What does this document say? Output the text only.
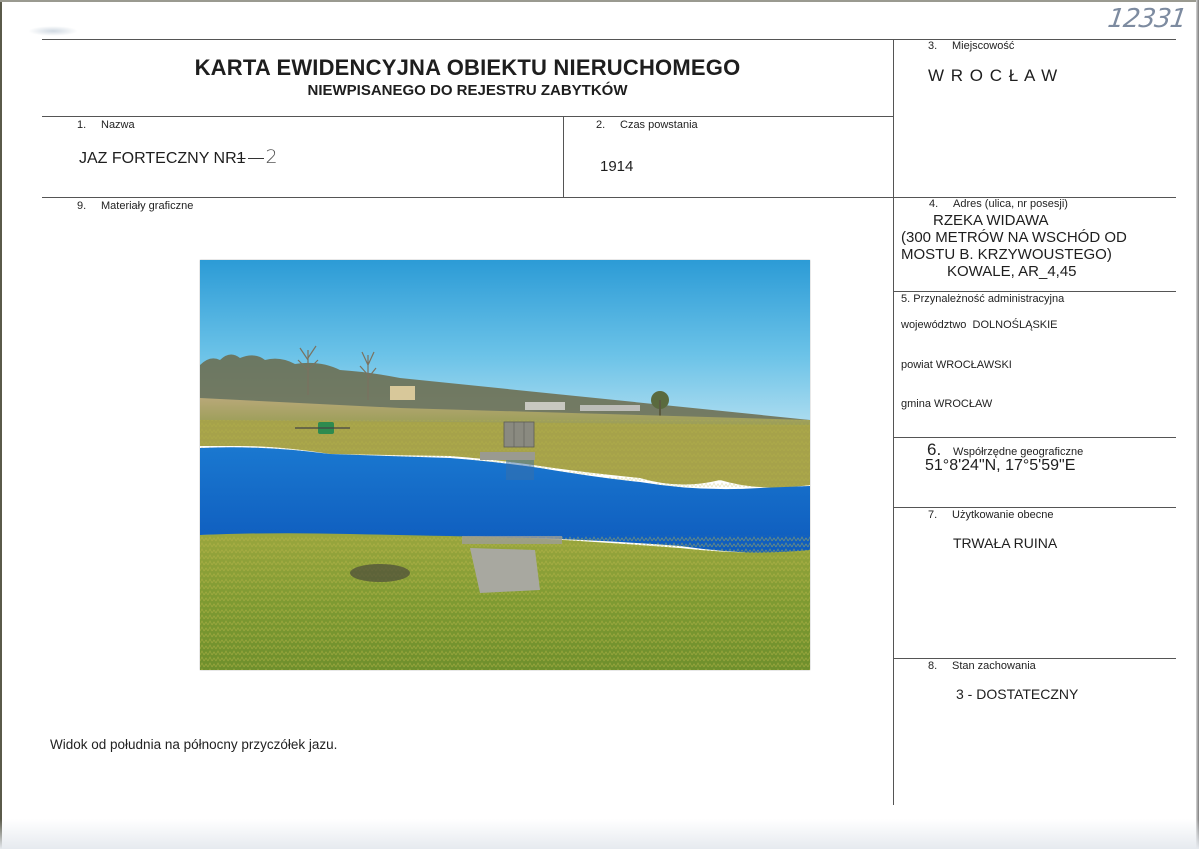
12331
KARTA EWIDENCYJNA OBIEKTU NIERUCHOMEGO
NIEWPISANEGO DO REJESTRU ZABYTKÓW
1. Nazwa
JAZ FORTECZNY NR1 2
2. Czas powstania
1914
3. Miejscowość
W R O C Ł A W
4. Adres (ulica, nr posesji)
RZEKA WIDAWA
(300 METRÓW NA WSCHÓD OD
MOSTU B. KRZYWOUSTEGO)
KOWALE, AR_4,45
5. Przynależność administracyjna
województwo  DOLNOŚLĄSKIE
powiat WROCŁAWSKI
gmina WROCŁAW
6. Współrzędne geograficzne
51°8'24"N, 17°5'59"E
7. Użytkowanie obecne
TRWAŁA RUINA
8. Stan zachowania
3 - DOSTATECZNY
9. Materiały graficzne
Widok od południa na północny przyczółek jazu.
